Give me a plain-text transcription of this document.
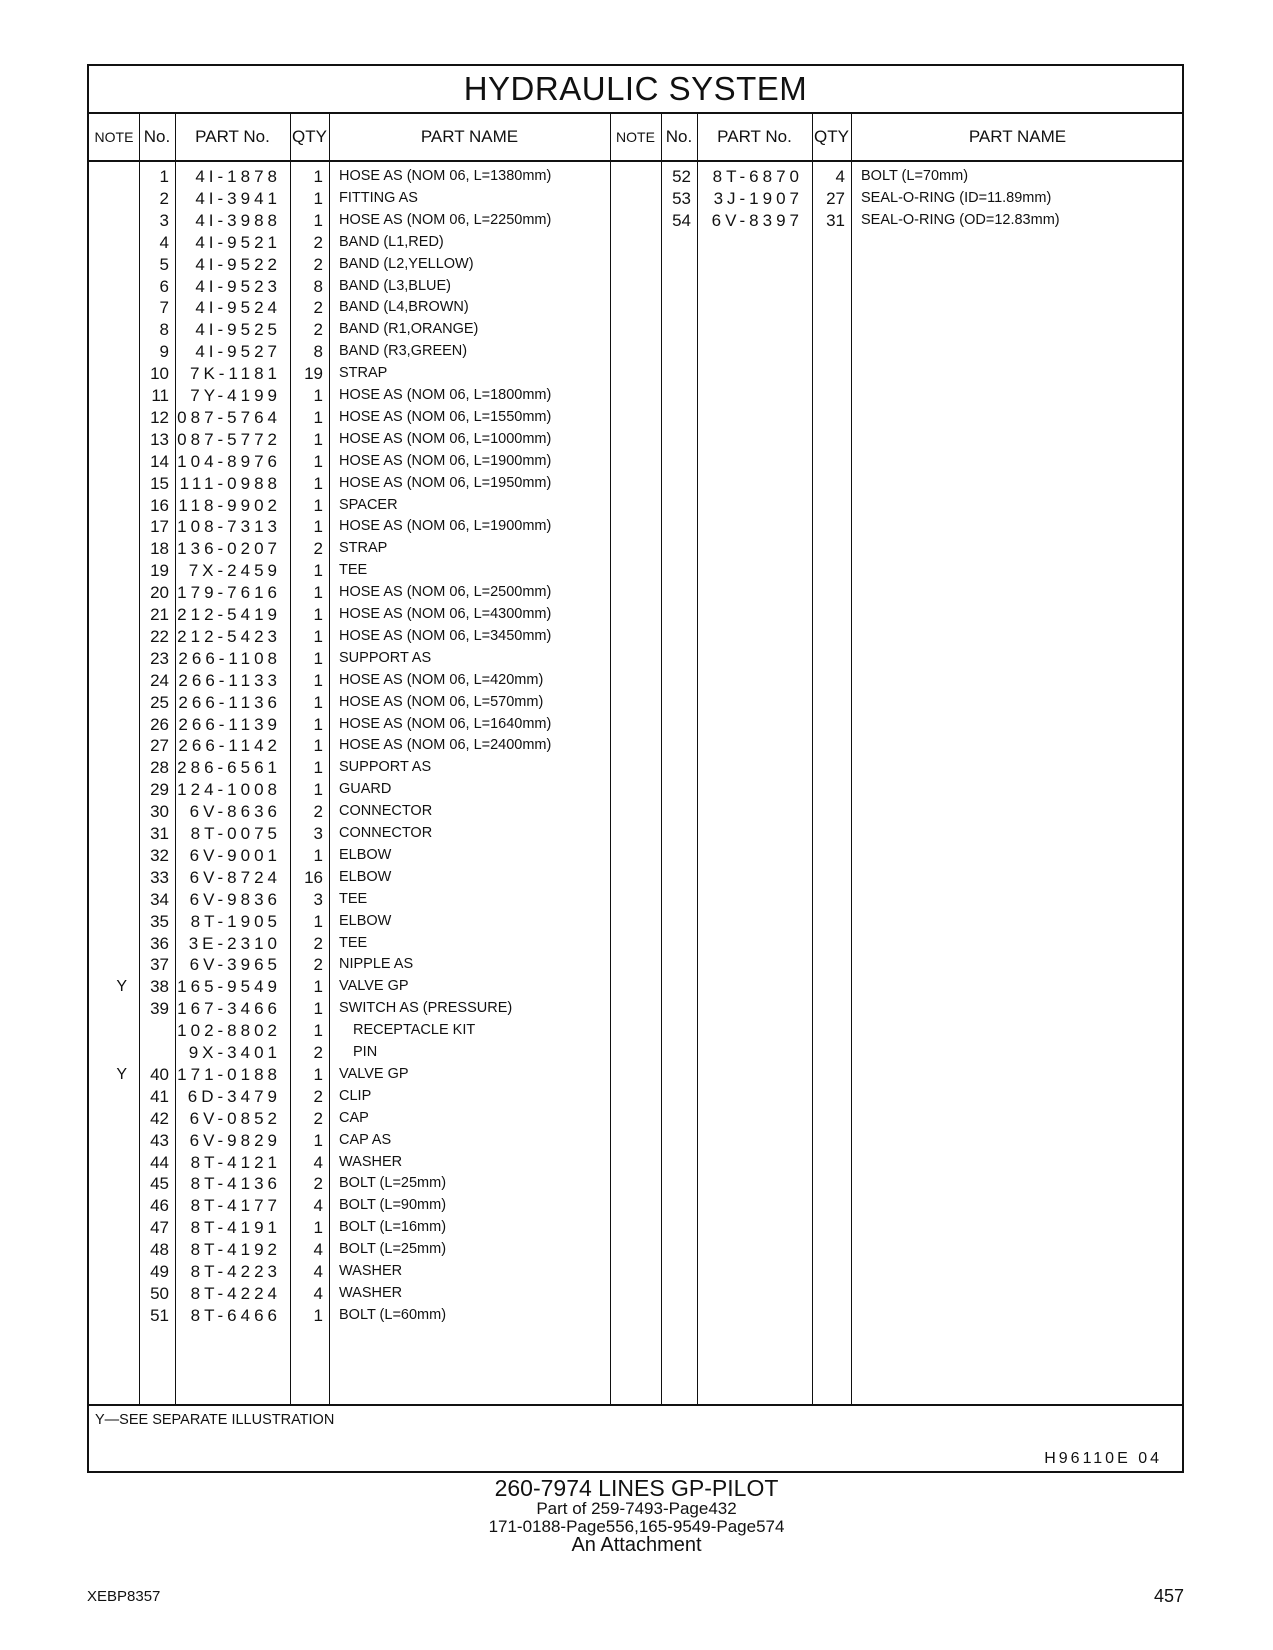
HYDRAULIC SYSTEM
NOTE No.	PART No.	QTY	PART NAME	NOTE No.	PART No.	QTY	PART NAME
1	4I-1878	1 HOSE AS (NOM 06, L=1380mm)
2	4I-3941	1 FITTING AS
3	4I-3988	1 HOSE AS (NOM 06, L=2250mm)
4	4I-9521	2 BAND (L1,RED)
5	4I-9522	2 BAND (L2,YELLOW)
6	4I-9523	8 BAND (L3,BLUE)
7	4I-9524	2 BAND (L4,BROWN)
8	4I-9525	2 BAND (R1,ORANGE)
9	4I-9527	8 BAND (R3,GREEN)
10	7K-1181	19 STRAP
11	7Y-4199	1 HOSE AS (NOM 06, L=1800mm)
12 087-5764	1 HOSE AS (NOM 06, L=1550mm)
13 087-5772	1 HOSE AS (NOM 06, L=1000mm)
14 104-8976	1 HOSE AS (NOM 06, L=1900mm)
15 111-0988	1 HOSE AS (NOM 06, L=1950mm)
16 118-9902	1 SPACER
17 108-7313	1 HOSE AS (NOM 06, L=1900mm)
18 136-0207	2 STRAP
19	7X-2459	1 TEE
20 179-7616	1 HOSE AS (NOM 06, L=2500mm)
21 212-5419	1 HOSE AS (NOM 06, L=4300mm)
22 212-5423	1 HOSE AS (NOM 06, L=3450mm)
23 266-1108	1 SUPPORT AS
24 266-1133	1 HOSE AS (NOM 06, L=420mm)
25 266-1136	1 HOSE AS (NOM 06, L=570mm)
26 266-1139	1 HOSE AS (NOM 06, L=1640mm)
27 266-1142	1 HOSE AS (NOM 06, L=2400mm)
28 286-6561	1 SUPPORT AS
29 124-1008	1 GUARD
30	6V-8636	2 CONNECTOR
31	8T-0075	3 CONNECTOR
32	6V-9001	1 ELBOW
33	6V-8724	16 ELBOW
34	6V-9836	3 TEE
35	8T-1905	1 ELBOW
36	3E-2310	2 TEE
37	6V-3965	2 NIPPLE AS
Y	38 165-9549	1 VALVE GP
39 167-3466	1 SWITCH AS (PRESSURE)
102-8802	1	RECEPTACLE KIT
9X-3401	2	PIN
Y	40 171-0188	1 VALVE GP
41	6D-3479	2 CLIP
42	6V-0852	2 CAP
43	6V-9829	1 CAP AS
44	8T-4121	4 WASHER
45	8T-4136	2 BOLT (L=25mm)
46	8T-4177	4 BOLT (L=90mm)
47	8T-4191	1 BOLT (L=16mm)
48	8T-4192	4 BOLT (L=25mm)
49	8T-4223	4 WASHER
50	8T-4224	4 WASHER
51	8T-6466	1 BOLT (L=60mm)
52	8T-6870	4 BOLT (L=70mm)
53	3J-1907	27 SEAL-O-RING (ID=11.89mm)
54	6V-8397	31 SEAL-O-RING (OD=12.83mm)
Y—SEE SEPARATE ILLUSTRATION
H96110E 04
260-7974 LINES GP-PILOT
Part of 259-7493-Page432
171-0188-Page556,165-9549-Page574
An Attachment
XEBP8357	457
